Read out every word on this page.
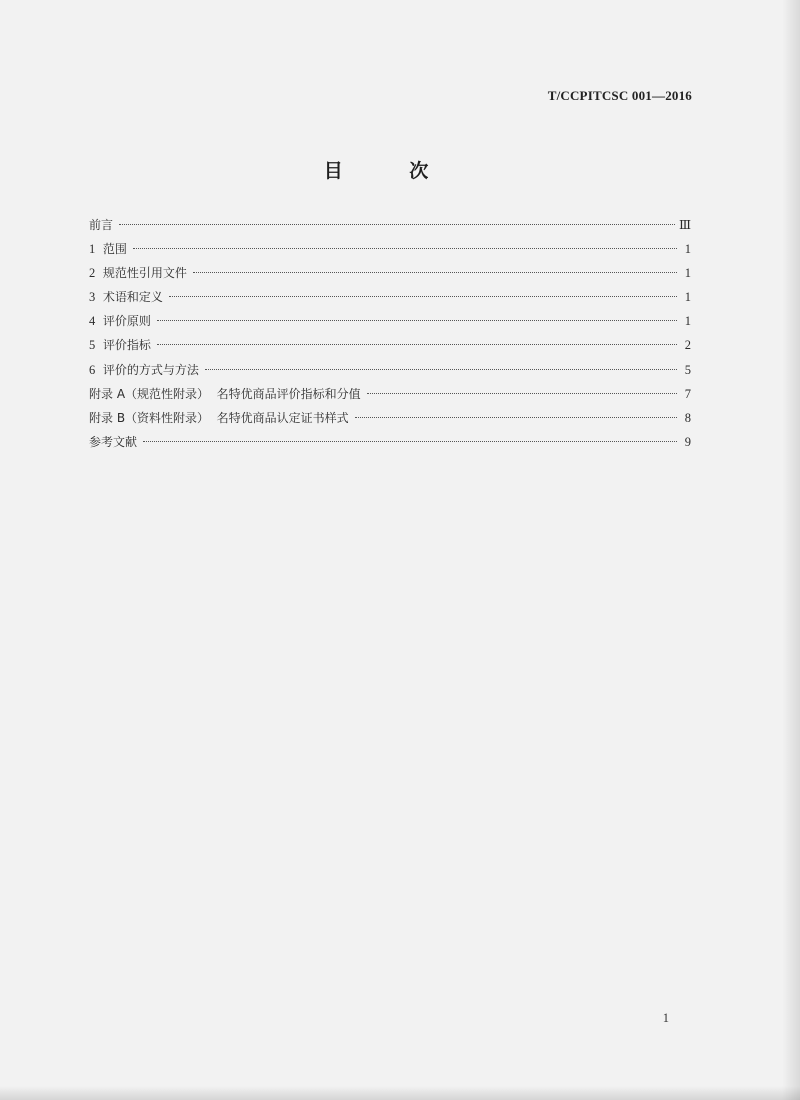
T/CCPITCSC 001—2016
目 次
前言	Ⅲ
1 范围	1
2 规范性引用文件	1
3 术语和定义	1
4 评价原则	1
5 评价指标	2
6 评价的方式与方法	5
附录 A（规范性附录）  名特优商品评价指标和分值	7
附录 B（资料性附录）  名特优商品认定证书样式	8
参考文献	9
1
